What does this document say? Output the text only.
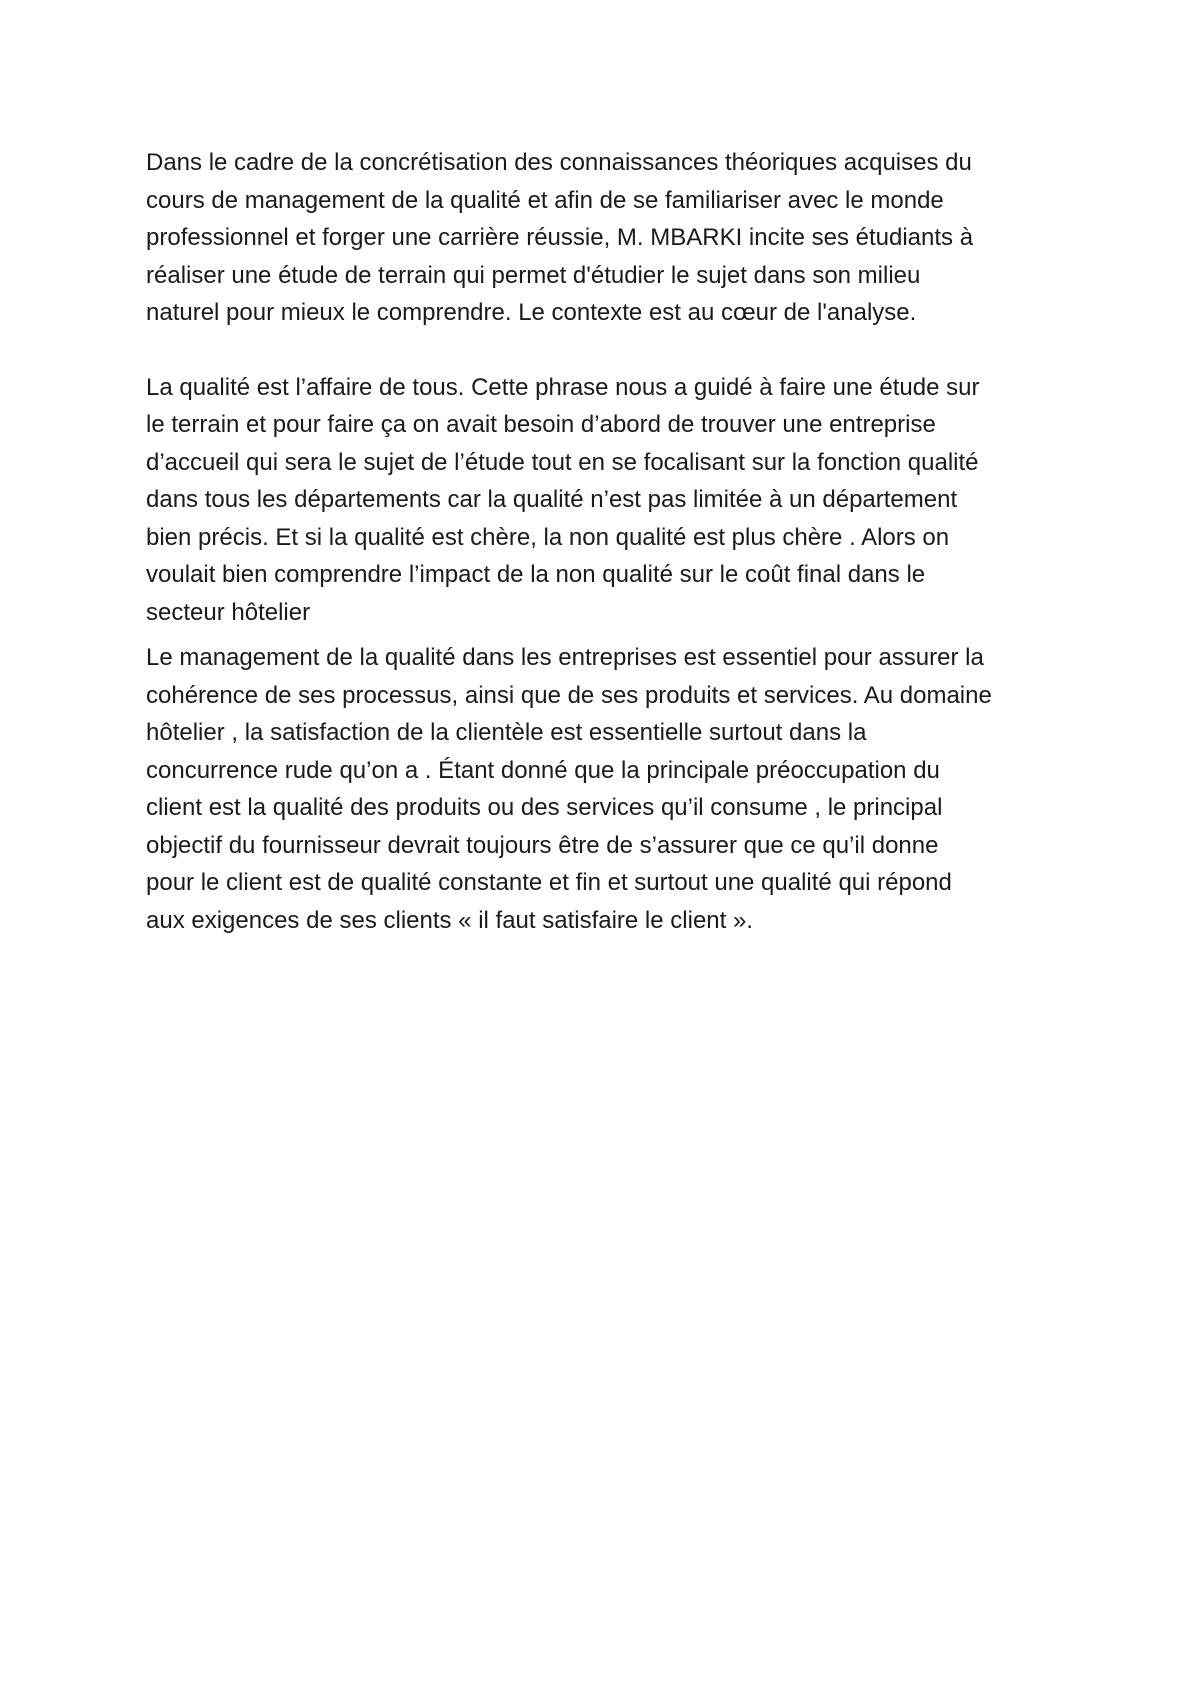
Dans le cadre de la concrétisation des connaissances théoriques acquises du
cours de management de la qualité et afin de se familiariser avec le monde
professionnel et forger une carrière réussie, M. MBARKI incite ses étudiants à
réaliser une étude de terrain qui permet d'étudier le sujet dans son milieu
naturel pour mieux le comprendre. Le contexte est au cœur de l'analyse.

La qualité est l’affaire de tous. Cette phrase nous a guidé à faire une étude sur
le terrain et pour faire ça on avait besoin d’abord de trouver une entreprise
d’accueil qui sera le sujet de l’étude tout en se focalisant sur la fonction qualité
dans tous les départements car la qualité n’est pas limitée à un département
bien précis. Et si la qualité est chère, la non qualité est plus chère . Alors on
voulait bien comprendre l’impact de la non qualité sur le coût final dans le
secteur hôtelier

Le management de la qualité dans les entreprises est essentiel pour assurer la
cohérence de ses processus, ainsi que de ses produits et services. Au domaine
hôtelier , la satisfaction de la clientèle est essentielle surtout dans la
concurrence rude qu’on a . Étant donné que la principale préoccupation du
client est la qualité des produits ou des services qu’il consume , le principal
objectif du fournisseur devrait toujours être de s’assurer que ce qu’il donne
pour le client est de qualité constante et fin et surtout une qualité qui répond
aux exigences de ses clients « il faut satisfaire le client ».
